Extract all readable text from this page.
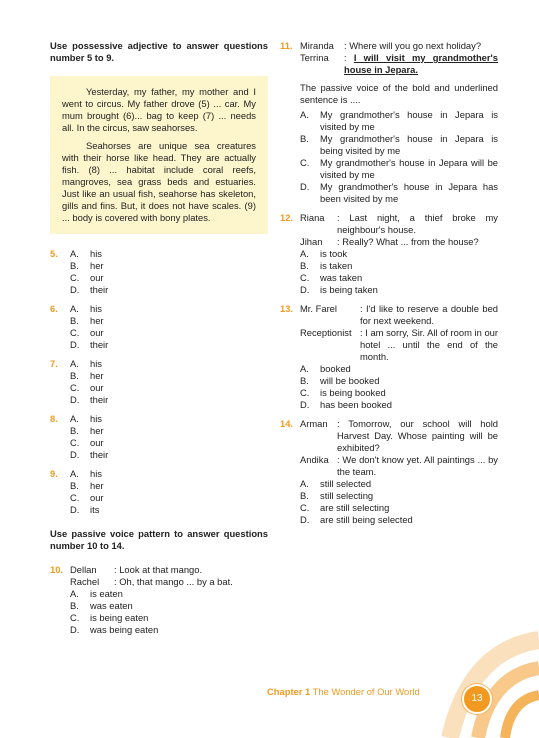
Use possessive adjective to answer questions number 5 to 9.

Yesterday, my father, my mother and I went to circus. My father drove (5) ... car. My mum brought (6)... bag to keep (7) ... needs all. In the circus, saw seahorses.

Seahorses are unique sea creatures with their horse like head. They are actually fish. (8) ... habitat include coral reefs, mangroves, sea grass beds and estuaries. Just like an usual fish, seahorse has skeleton, gills and fins. But, it does not have scales. (9) ... body is covered with bony plates.

5. A.	his
B.	her
C.	our
D.	their
6. A.	his
B.	her
C.	our
D.	their
7. A.	his
B.	her
C.	our
D.	their
8. A.	his
B.	her
C.	our
D.	their
9. A.	his
B.	her
C.	our
D.	its

Use passive voice pattern to answer questions number 10 to 14.

10. Dellan	: Look at that mango.
Rachel	: Oh, that mango ... by a bat.
A.	is eaten
B.	was eaten
C.	is being eaten
D.	was being eaten
11. Miranda	: Where will you go next holiday?
Terrina	: I will visit my grandmother's house in Jepara.
The passive voice of the bold and underlined sentence is ....
A.	My grandmother's house in Jepara is visited by me
B.	My grandmother's house in Jepara is being visited by me
C.	My grandmother's house in Jepara will be visited by me
D.	My grandmother's house in Jepara has been visited by me
12. Riana	: Last night, a thief broke my neighbour's house.
Jihan	: Really? What ... from the house?
A.	is took
B.	is taken
C.	was taken
D.	is being taken
13. Mr. Farel	: I'd like to reserve a double bed for next weekend.
Receptionist : I am sorry, Sir. All of room in our hotel ... until the end of the month.
A.	booked
B.	will be booked
C.	is being booked
D.	has been booked
14. Arman : Tomorrow, our school will hold Harvest Day. Whose painting will be exhibited?
Andika : We don't know yet. All paintings ... by the team.
A.	still selected
B.	still selecting
C.	are still selecting
D.	are still being selected
Chapter 1 The Wonder of Our World
13
